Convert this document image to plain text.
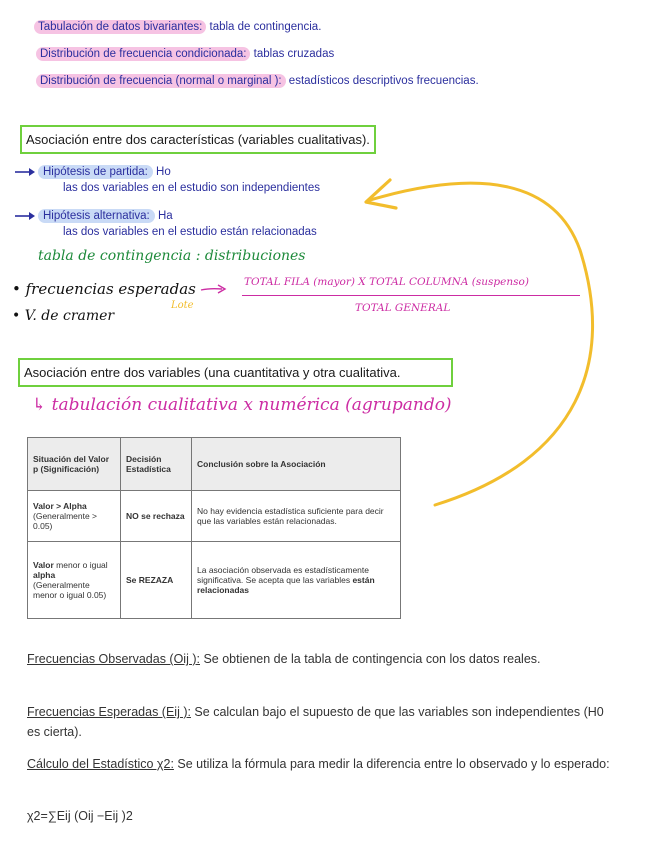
Tabulación de datos bivariantes: tabla de contingencia.
Distribución de frecuencia condicionada: tablas cruzadas
Distribución de frecuencia (normal o marginal ): estadísticos descriptivos frecuencias.
Asociación entre dos características (variables cualitativas).
Hipótesis de partida: Ho
las dos variables en el estudio son independientes
Hipótesis alternativa: Ha
las dos variables en el estudio están relacionadas
tabla de contingencia : distribuciones
• frecuencias esperadas
Lote
TOTAL FILA (mayor) X TOTAL COLUMNA (suspenso)
TOTAL GENERAL
• V. de cramer
Asociación entre dos variables (una cuantitativa y otra cualitativa.
↳ tabulación cualitativa x numérica (agrupando)
Situación del Valor p (Significación)	Decisión Estadística	Conclusión sobre la Asociación
Valor > Alpha
(Generalmente > 0.05)	NO se rechaza	No hay evidencia estadística suficiente para decir que las variables están relacionadas.
Valor menor o igual alpha
(Generalmente menor o igual 0.05)	Se REZAZA	La asociación observada es estadísticamente significativa. Se acepta que las variables están relacionadas
Frecuencias Observadas (Oij ): Se obtienen de la tabla de contingencia con los datos reales.
Frecuencias Esperadas (Eij ): Se calculan bajo el supuesto de que las variables son independientes (H0 es cierta).
Cálculo del Estadístico χ2: Se utiliza la fórmula para medir la diferencia entre lo observado y lo esperado:
χ2=∑Eij (Oij −Eij )2
